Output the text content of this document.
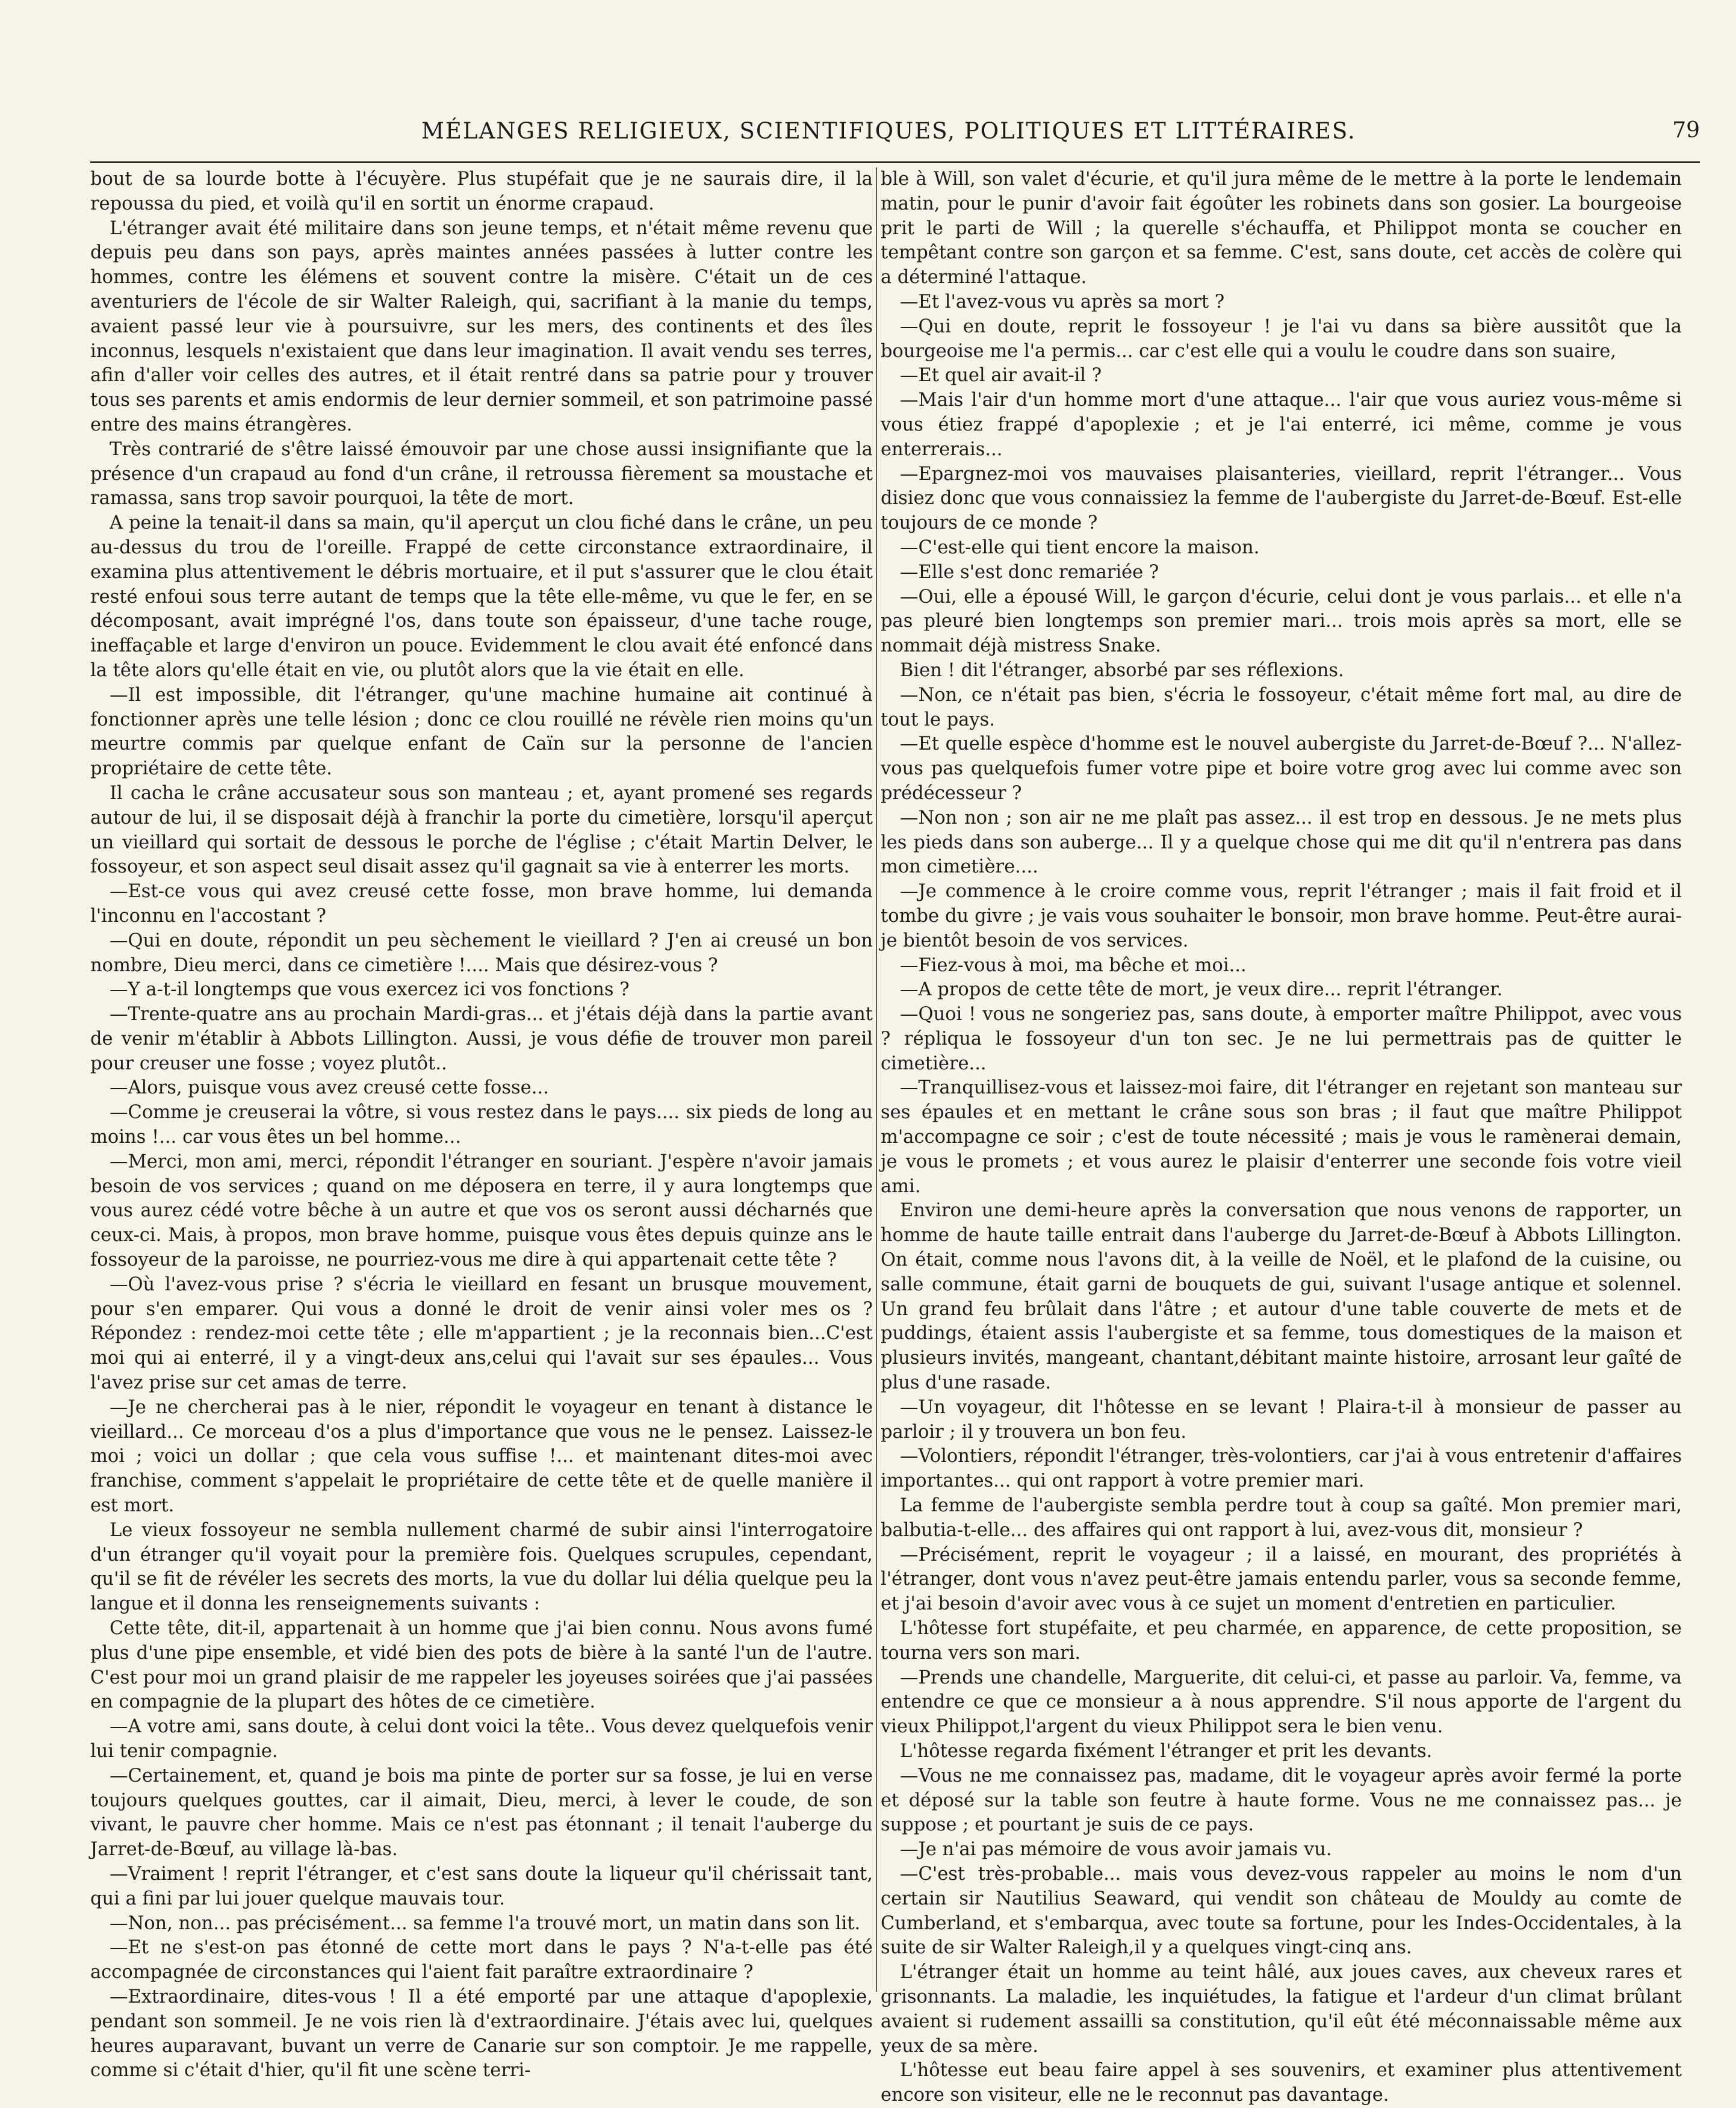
MÉLANGES RELIGIEUX, SCIENTIFIQUES, POLITIQUES ET LITTÉRAIRES.	79

bout de sa lourde botte à l'écuyère. Plus stupéfait que je ne saurais dire, il la repoussa du pied, et voilà qu'il en sortit un énorme crapaud.

L'étranger avait été militaire dans son jeune temps, et n'était même revenu que depuis peu dans son pays, après maintes années passées à lutter contre les hommes, contre les élémens et souvent contre la misère. C'était un de ces aventuriers de l'école de sir Walter Raleigh, qui, sacrifiant à la manie du temps, avaient passé leur vie à poursuivre, sur les mers, des continents et des îles inconnus, lesquels n'existaient que dans leur imagination. Il avait vendu ses terres, afin d'aller voir celles des autres, et il était rentré dans sa patrie pour y trouver tous ses parents et amis endormis de leur dernier sommeil, et son patrimoine passé entre des mains étrangères.

Très contrarié de s'être laissé émouvoir par une chose aussi insignifiante que la présence d'un crapaud au fond d'un crâne, il retroussa fièrement sa moustache et ramassa, sans trop savoir pourquoi, la tête de mort.

A peine la tenait-il dans sa main, qu'il aperçut un clou fiché dans le crâne, un peu au-dessus du trou de l'oreille. Frappé de cette circonstance extraordinaire, il examina plus attentivement le débris mortuaire, et il put s'assurer que le clou était resté enfoui sous terre autant de temps que la tête elle-même, vu que le fer, en se décomposant, avait imprégné l'os, dans toute son épaisseur, d'une tache rouge, ineffaçable et large d'environ un pouce. Evidemment le clou avait été enfoncé dans la tête alors qu'elle était en vie, ou plutôt alors que la vie était en elle.

—Il est impossible, dit l'étranger, qu'une machine humaine ait continué à fonctionner après une telle lésion ; donc ce clou rouillé ne révèle rien moins qu'un meurtre commis par quelque enfant de Caïn sur la personne de l'ancien propriétaire de cette tête.

Il cacha le crâne accusateur sous son manteau ; et, ayant promené ses regards autour de lui, il se disposait déjà à franchir la porte du cimetière, lorsqu'il aperçut un vieillard qui sortait de dessous le porche de l'église ; c'était Martin Delver, le fossoyeur, et son aspect seul disait assez qu'il gagnait sa vie à enterrer les morts.

—Est-ce vous qui avez creusé cette fosse, mon brave homme, lui demanda l'inconnu en l'accostant ?

—Qui en doute, répondit un peu sèchement le vieillard ? J'en ai creusé un bon nombre, Dieu merci, dans ce cimetière !.... Mais que désirez-vous ?

—Y a-t-il longtemps que vous exercez ici vos fonctions ?

—Trente-quatre ans au prochain Mardi-gras... et j'étais déjà dans la partie avant de venir m'établir à Abbots Lillington. Aussi, je vous défie de trouver mon pareil pour creuser une fosse ; voyez plutôt..

—Alors, puisque vous avez creusé cette fosse...

—Comme je creuserai la vôtre, si vous restez dans le pays.... six pieds de long au moins !... car vous êtes un bel homme...

—Merci, mon ami, merci, répondit l'étranger en souriant. J'espère n'avoir jamais besoin de vos services ; quand on me déposera en terre, il y aura longtemps que vous aurez cédé votre bêche à un autre et que vos os seront aussi décharnés que ceux-ci. Mais, à propos, mon brave homme, puisque vous êtes depuis quinze ans le fossoyeur de la paroisse, ne pourriez-vous me dire à qui appartenait cette tête ?

—Où l'avez-vous prise ? s'écria le vieillard en fesant un brusque mouvement, pour s'en emparer. Qui vous a donné le droit de venir ainsi voler mes os ? Répondez : rendez-moi cette tête ; elle m'appartient ; je la reconnais bien...C'est moi qui ai enterré, il y a vingt-deux ans,celui qui l'avait sur ses épaules... Vous l'avez prise sur cet amas de terre.

—Je ne chercherai pas à le nier, répondit le voyageur en tenant à distance le vieillard... Ce morceau d'os a plus d'importance que vous ne le pensez. Laissez-le moi ; voici un dollar ; que cela vous suffise !... et maintenant dites-moi avec franchise, comment s'appelait le propriétaire de cette tête et de quelle manière il est mort.

Le vieux fossoyeur ne sembla nullement charmé de subir ainsi l'interrogatoire d'un étranger qu'il voyait pour la première fois. Quelques scrupules, cependant, qu'il se fit de révéler les secrets des morts, la vue du dollar lui délia quelque peu la langue et il donna les renseignements suivants :

Cette tête, dit-il, appartenait à un homme que j'ai bien connu. Nous avons fumé plus d'une pipe ensemble, et vidé bien des pots de bière à la santé l'un de l'autre. C'est pour moi un grand plaisir de me rappeler les joyeuses soirées que j'ai passées en compagnie de la plupart des hôtes de ce cimetière.

—A votre ami, sans doute, à celui dont voici la tête.. Vous devez quelquefois venir lui tenir compagnie.

—Certainement, et, quand je bois ma pinte de porter sur sa fosse, je lui en verse toujours quelques gouttes, car il aimait, Dieu, merci, à lever le coude, de son vivant, le pauvre cher homme. Mais ce n'est pas étonnant ; il tenait l'auberge du Jarret-de-Bœuf, au village là-bas.

—Vraiment ! reprit l'étranger, et c'est sans doute la liqueur qu'il chérissait tant, qui a fini par lui jouer quelque mauvais tour.

—Non, non... pas précisément... sa femme l'a trouvé mort, un matin dans son lit.

—Et ne s'est-on pas étonné de cette mort dans le pays ? N'a-t-elle pas été accompagnée de circonstances qui l'aient fait paraître extraordinaire ?

—Extraordinaire, dites-vous ! Il a été emporté par une attaque d'apoplexie, pendant son sommeil. Je ne vois rien là d'extraordinaire. J'étais avec lui, quelques heures auparavant, buvant un verre de Canarie sur son comptoir. Je me rappelle, comme si c'était d'hier, qu'il fit une scène terri-

ble à Will, son valet d'écurie, et qu'il jura même de le mettre à la porte le lendemain matin, pour le punir d'avoir fait égoûter les robinets dans son gosier. La bourgeoise prit le parti de Will ; la querelle s'échauffa, et Philippot monta se coucher en tempêtant contre son garçon et sa femme. C'est, sans doute, cet accès de colère qui a déterminé l'attaque.

—Et l'avez-vous vu après sa mort ?

—Qui en doute, reprit le fossoyeur ! je l'ai vu dans sa bière aussitôt que la bourgeoise me l'a permis... car c'est elle qui a voulu le coudre dans son suaire,

—Et quel air avait-il ?

—Mais l'air d'un homme mort d'une attaque... l'air que vous auriez vous-même si vous étiez frappé d'apoplexie ; et je l'ai enterré, ici même, comme je vous enterrerais...

—Epargnez-moi vos mauvaises plaisanteries, vieillard, reprit l'étranger... Vous disiez donc que vous connaissiez la femme de l'aubergiste du Jarret-de-Bœuf. Est-elle toujours de ce monde ?

—C'est-elle qui tient encore la maison.

—Elle s'est donc remariée ?

—Oui, elle a épousé Will, le garçon d'écurie, celui dont je vous parlais... et elle n'a pas pleuré bien longtemps son premier mari... trois mois après sa mort, elle se nommait déjà mistress Snake.

Bien ! dit l'étranger, absorbé par ses réflexions.

—Non, ce n'était pas bien, s'écria le fossoyeur, c'était même fort mal, au dire de tout le pays.

—Et quelle espèce d'homme est le nouvel aubergiste du Jarret-de-Bœuf ?... N'allez-vous pas quelquefois fumer votre pipe et boire votre grog avec lui comme avec son prédécesseur ?

—Non non ; son air ne me plaît pas assez... il est trop en dessous. Je ne mets plus les pieds dans son auberge... Il y a quelque chose qui me dit qu'il n'entrera pas dans mon cimetière....

—Je commence à le croire comme vous, reprit l'étranger ; mais il fait froid et il tombe du givre ; je vais vous souhaiter le bonsoir, mon brave homme. Peut-être aurai-je bientôt besoin de vos services.

—Fiez-vous à moi, ma bêche et moi...

—A propos de cette tête de mort, je veux dire... reprit l'étranger.

—Quoi ! vous ne songeriez pas, sans doute, à emporter maître Philippot, avec vous ? répliqua le fossoyeur d'un ton sec. Je ne lui permettrais pas de quitter le cimetière...

—Tranquillisez-vous et laissez-moi faire, dit l'étranger en rejetant son manteau sur ses épaules et en mettant le crâne sous son bras ; il faut que maître Philippot m'accompagne ce soir ; c'est de toute nécessité ; mais je vous le ramènerai demain, je vous le promets ; et vous aurez le plaisir d'enterrer une seconde fois votre vieil ami.

Environ une demi-heure après la conversation que nous venons de rapporter, un homme de haute taille entrait dans l'auberge du Jarret-de-Bœuf à Abbots Lillington. On était, comme nous l'avons dit, à la veille de Noël, et le plafond de la cuisine, ou salle commune, était garni de bouquets de gui, suivant l'usage antique et solennel. Un grand feu brûlait dans l'âtre ; et autour d'une table couverte de mets et de puddings, étaient assis l'aubergiste et sa femme, tous domestiques de la maison et plusieurs invités, mangeant, chantant,débitant mainte histoire, arrosant leur gaîté de plus d'une rasade.

—Un voyageur, dit l'hôtesse en se levant ! Plaira-t-il à monsieur de passer au parloir ; il y trouvera un bon feu.

—Volontiers, répondit l'étranger, très-volontiers, car j'ai à vous entretenir d'affaires importantes... qui ont rapport à votre premier mari.

La femme de l'aubergiste sembla perdre tout à coup sa gaîté. Mon premier mari, balbutia-t-elle... des affaires qui ont rapport à lui, avez-vous dit, monsieur ?

—Précisément, reprit le voyageur ; il a laissé, en mourant, des propriétés à l'étranger, dont vous n'avez peut-être jamais entendu parler, vous sa seconde femme, et j'ai besoin d'avoir avec vous à ce sujet un moment d'entretien en particulier.

L'hôtesse fort stupéfaite, et peu charmée, en apparence, de cette proposition, se tourna vers son mari.

—Prends une chandelle, Marguerite, dit celui-ci, et passe au parloir. Va, femme, va entendre ce que ce monsieur a à nous apprendre. S'il nous apporte de l'argent du vieux Philippot,l'argent du vieux Philippot sera le bien venu.

L'hôtesse regarda fixément l'étranger et prit les devants.

—Vous ne me connaissez pas, madame, dit le voyageur après avoir fermé la porte et déposé sur la table son feutre à haute forme. Vous ne me connaissez pas... je suppose ; et pourtant je suis de ce pays.

—Je n'ai pas mémoire de vous avoir jamais vu.

—C'est très-probable... mais vous devez-vous rappeler au moins le nom d'un certain sir Nautilius Seaward, qui vendit son château de Mouldy au comte de Cumberland, et s'embarqua, avec toute sa fortune, pour les Indes-Occidentales, à la suite de sir Walter Raleigh,il y a quelques vingt-cinq ans.

L'étranger était un homme au teint hâlé, aux joues caves, aux cheveux rares et grisonnants. La maladie, les inquiétudes, la fatigue et l'ardeur d'un climat brûlant avaient si rudement assailli sa constitution, qu'il eût été méconnaissable même aux yeux de sa mère.

L'hôtesse eut beau faire appel à ses souvenirs, et examiner plus attentivement encore son visiteur, elle ne le reconnut pas davantage.
